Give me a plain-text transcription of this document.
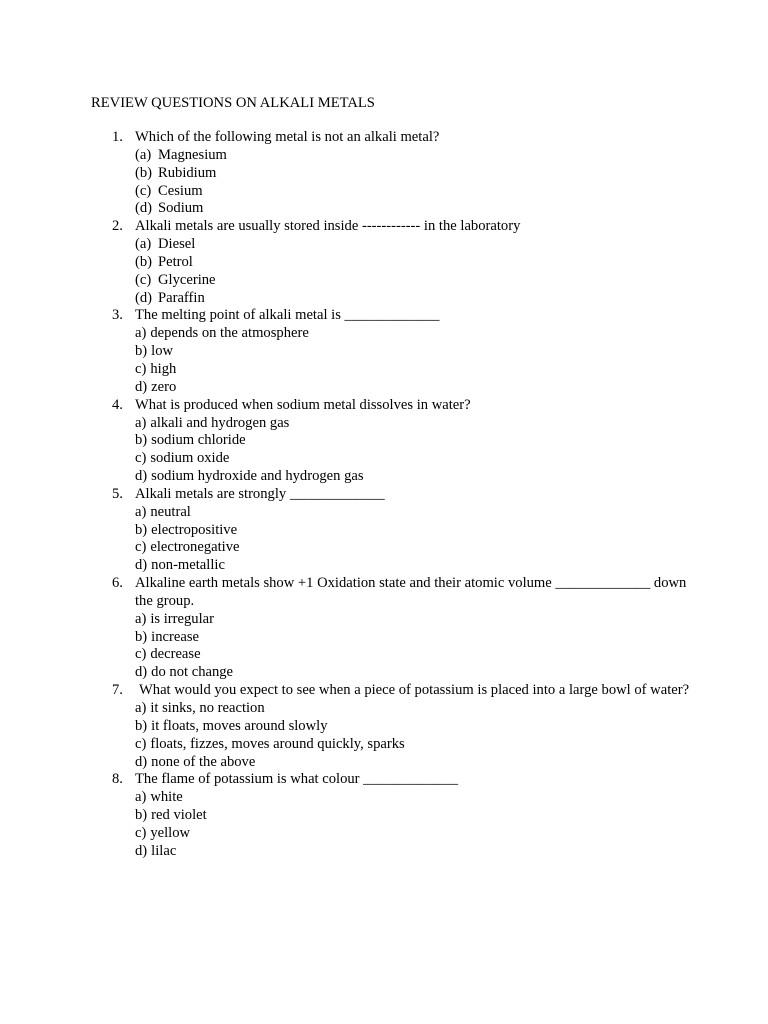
REVIEW QUESTIONS ON ALKALI METALS
1. Which of the following metal is not an alkali metal?
(a) Magnesium
(b) Rubidium
(c) Cesium
(d) Sodium
2. Alkali metals are usually stored inside ------------ in the laboratory
(a) Diesel
(b) Petrol
(c) Glycerine
(d) Paraffin
3. The melting point of alkali metal is _____________
a) depends on the atmosphere
b) low
c) high
d) zero
4. What is produced when sodium metal dissolves in water?
a) alkali and hydrogen gas
b) sodium chloride
c) sodium oxide
d) sodium hydroxide and hydrogen gas
5. Alkali metals are strongly _____________
a) neutral
b) electropositive
c) electronegative
d) non-metallic
6. Alkaline earth metals show +1 Oxidation state and their atomic volume _____________ down the group.
a) is irregular
b) increase
c) decrease
d) do not change
7. What would you expect to see when a piece of potassium is placed into a large bowl of water?
a) it sinks, no reaction
b) it floats, moves around slowly
c) floats, fizzes, moves around quickly, sparks
d) none of the above
8. The flame of potassium is what colour _____________
a) white
b) red violet
c) yellow
d) lilac
